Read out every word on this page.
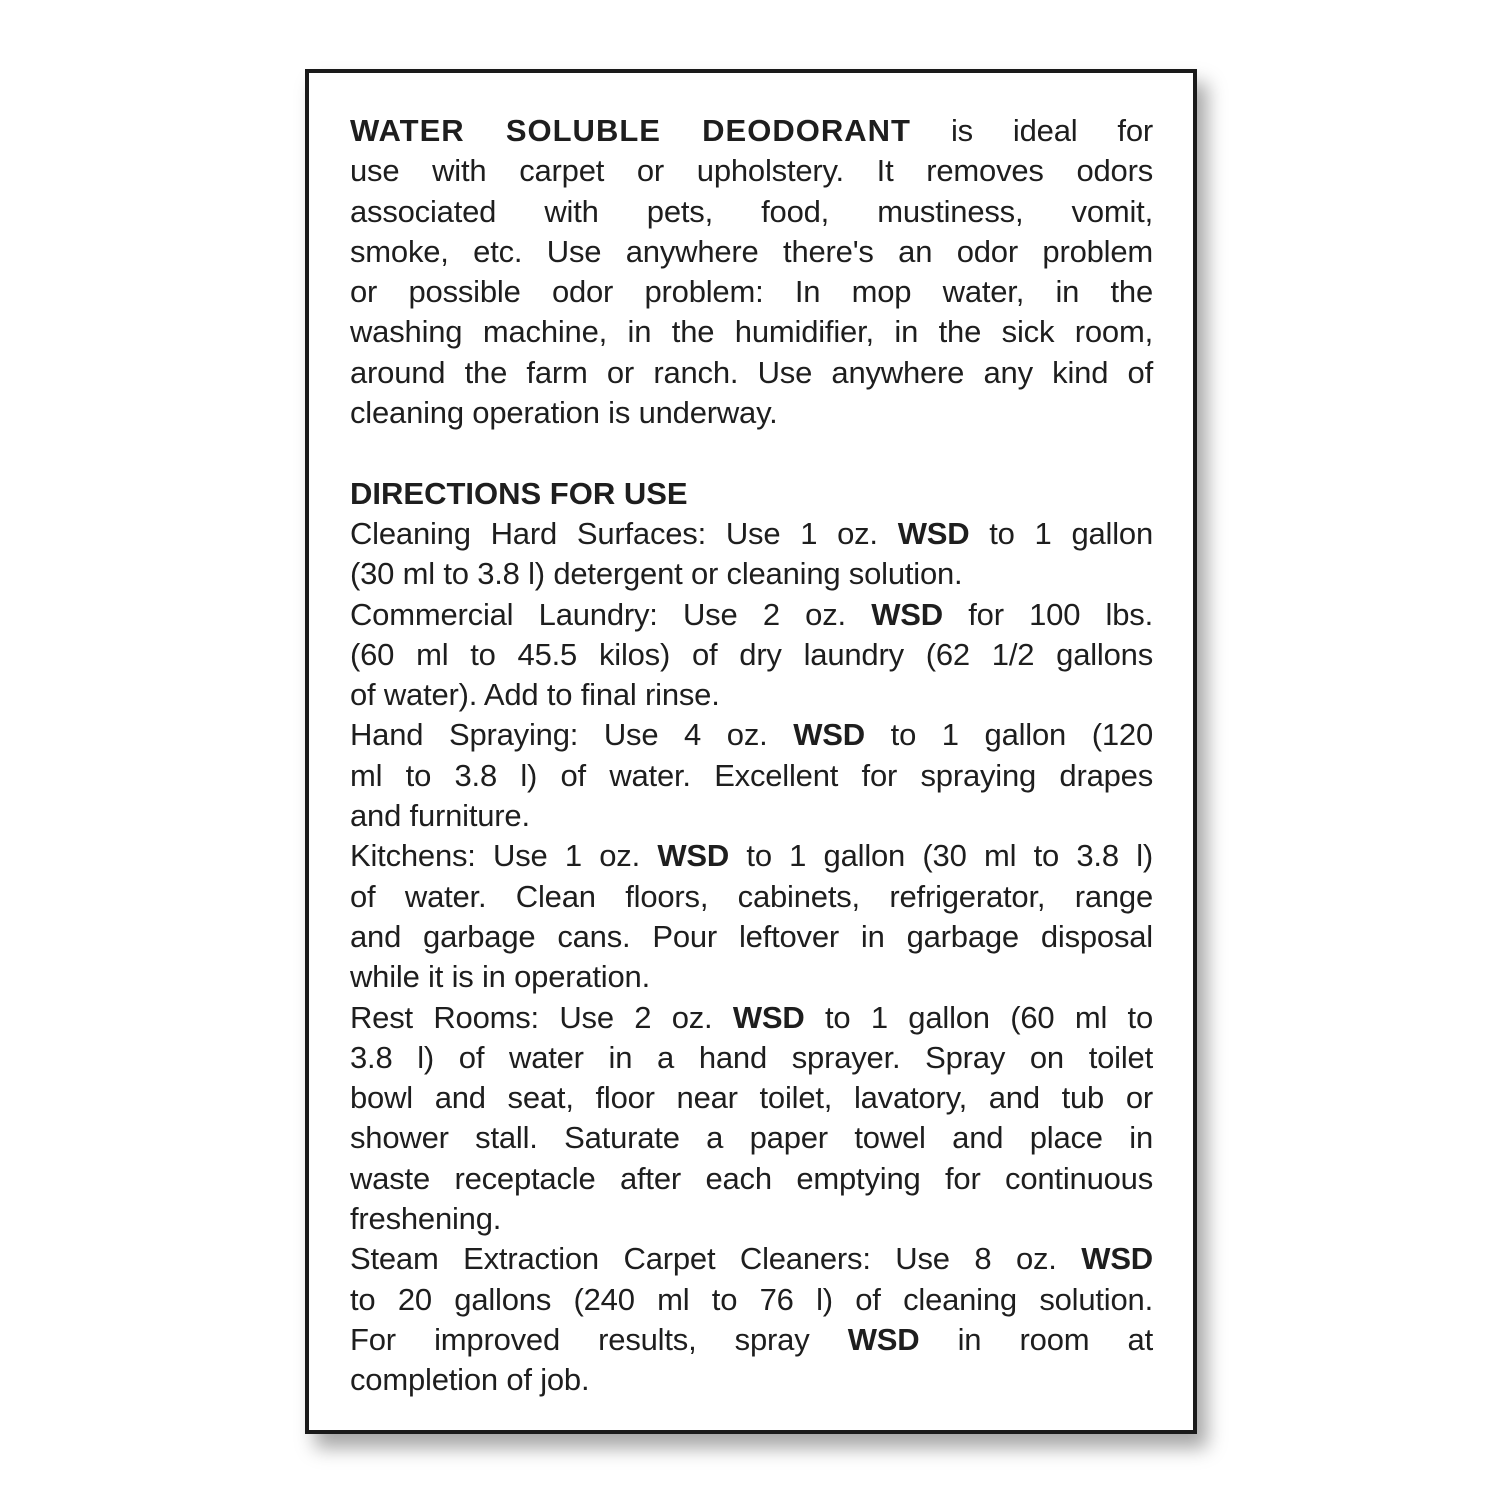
WATER SOLUBLE DEODORANT is ideal for
use with carpet or upholstery. It removes odors
associated with pets, food, mustiness, vomit,
smoke, etc. Use anywhere there's an odor problem
or possible odor problem: In mop water, in the
washing machine, in the humidifier, in the sick room,
around the farm or ranch. Use anywhere any kind of
cleaning operation is underway.
DIRECTIONS FOR USE
Cleaning Hard Surfaces: Use 1 oz. WSD to 1 gallon
(30 ml to 3.8 l) detergent or cleaning solution.
Commercial Laundry: Use 2 oz. WSD for 100 lbs.
(60 ml to 45.5 kilos) of dry laundry (62 1/2 gallons
of water). Add to final rinse.
Hand Spraying: Use 4 oz. WSD to 1 gallon (120
ml to 3.8 l) of water. Excellent for spraying drapes
and furniture.
Kitchens: Use 1 oz. WSD to 1 gallon (30 ml to 3.8 l)
of water. Clean floors, cabinets, refrigerator, range
and garbage cans. Pour leftover in garbage disposal
while it is in operation.
Rest Rooms: Use 2 oz. WSD to 1 gallon (60 ml to
3.8 l) of water in a hand sprayer. Spray on toilet
bowl and seat, floor near toilet, lavatory, and tub or
shower stall. Saturate a paper towel and place in
waste receptacle after each emptying for continuous
freshening.
Steam Extraction Carpet Cleaners: Use 8 oz. WSD
to 20 gallons (240 ml to 76 l) of cleaning solution.
For improved results, spray WSD in room at
completion of job.
